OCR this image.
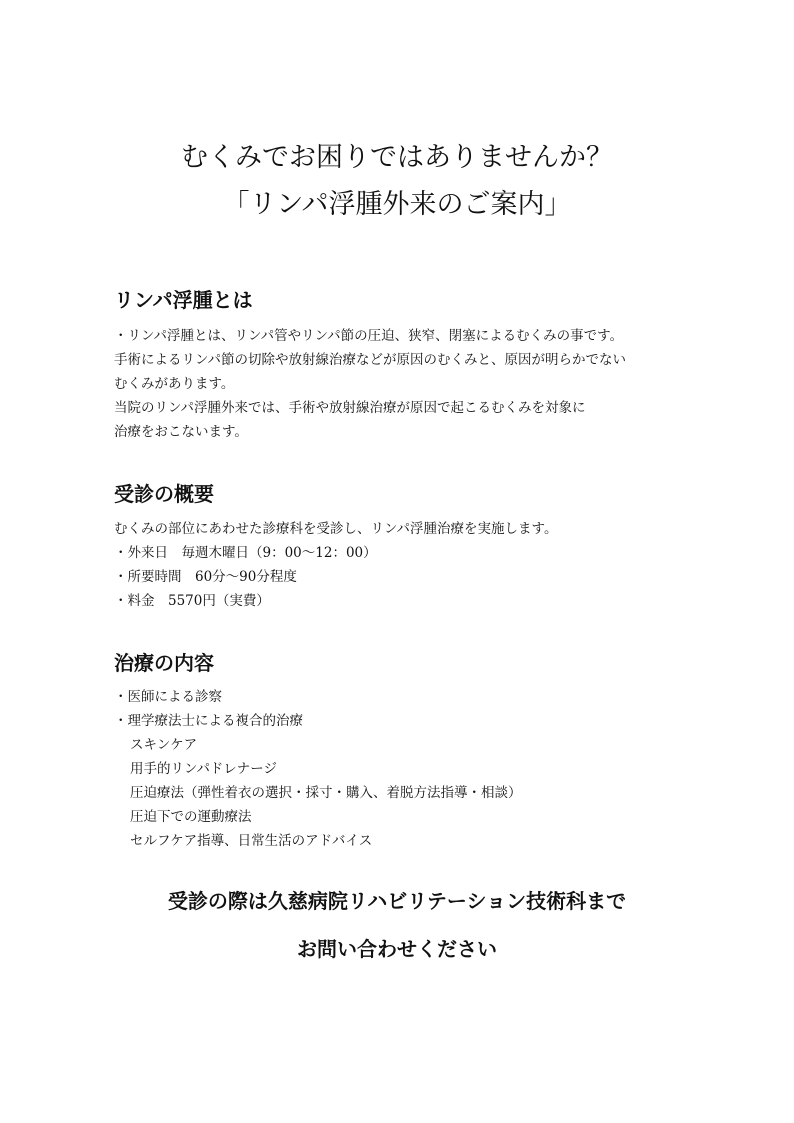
むくみでお困りではありませんか？
「リンパ浮腫外来のご案内」
リンパ浮腫とは

・リンパ浮腫とは、リンパ管やリンパ節の圧迫、狭窄、閉塞によるむくみの事です。

手術によるリンパ節の切除や放射線治療などが原因のむくみと、原因が明らかでない

むくみがあります。

当院のリンパ浮腫外来では、手術や放射線治療が原因で起こるむくみを対象に

治療をおこないます。

受診の概要

むくみの部位にあわせた診療科を受診し、リンパ浮腫治療を実施します。

・外来日　毎週木曜日（9：00～12：00）

・所要時間　60分～90分程度

・料金　5570円（実費）

治療の内容

・医師による診察

・理学療法士による複合的治療

スキンケア

用手的リンパドレナージ

圧迫療法（弾性着衣の選択・採寸・購入、着脱方法指導・相談）

圧迫下での運動療法

セルフケア指導、日常生活のアドバイス

受診の際は久慈病院リハビリテーション技術科まで

お問い合わせください
